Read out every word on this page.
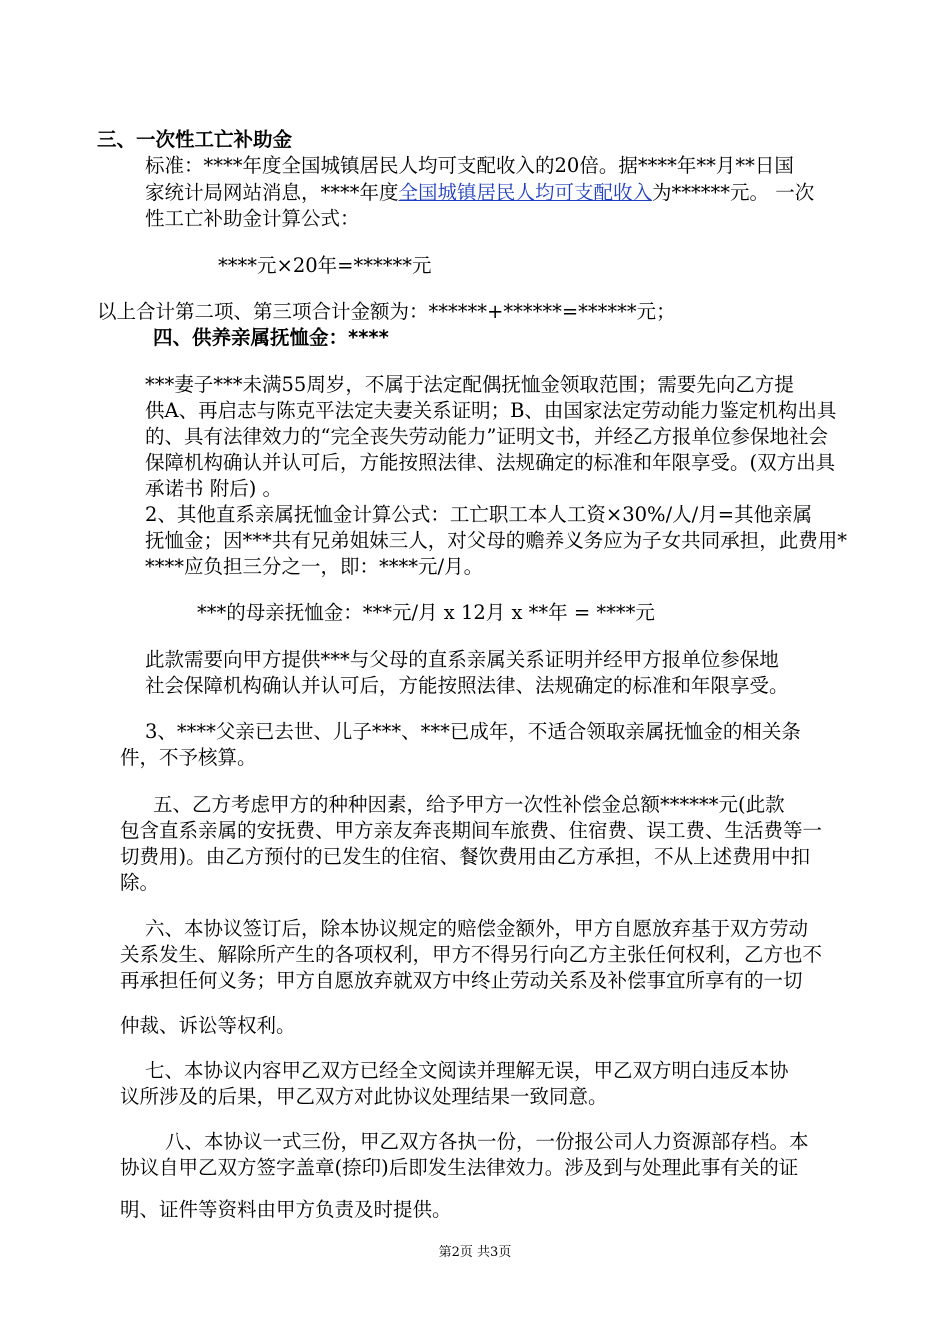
三、一次性工亡补助金
标准：****年度全国城镇居民人均可支配收入的20倍。据****年**月**日国
家统计局网站消息，****年度全国城镇居民人均可支配收入为******元。 一次
性工亡补助金计算公式：
****元×20年=******元
以上合计第二项、第三项合计金额为：******+******=******元；
四、供养亲属抚恤金：****
***妻子***未满55周岁，不属于法定配偶抚恤金领取范围；需要先向乙方提
供A、再启志与陈克平法定夫妻关系证明；B、由国家法定劳动能力鉴定机构出具
的、具有法律效力的“完全丧失劳动能力”证明文书，并经乙方报单位参保地社会
保障机构确认并认可后，方能按照法律、法规确定的标准和年限享受。(双方出具
承诺书 附后) 。
2、其他直系亲属抚恤金计算公式：工亡职工本人工资×30%/人/月=其他亲属
抚恤金；因***共有兄弟姐妹三人，对父母的赡养义务应为子女共同承担，此费用*
****应负担三分之一，即：****元/月。
***的母亲抚恤金：***元/月 x 12月 x **年 = ****元
此款需要向甲方提供***与父母的直系亲属关系证明并经甲方报单位参保地
社会保障机构确认并认可后，方能按照法律、法规确定的标准和年限享受。
3、****父亲已去世、儿子***、***已成年，不适合领取亲属抚恤金的相关条
件，不予核算。
五、乙方考虑甲方的种种因素，给予甲方一次性补偿金总额******元(此款
包含直系亲属的安抚费、甲方亲友奔丧期间车旅费、住宿费、误工费、生活费等一
切费用)。由乙方预付的已发生的住宿、餐饮费用由乙方承担，不从上述费用中扣
除。
六、本协议签订后，除本协议规定的赔偿金额外，甲方自愿放弃基于双方劳动
关系发生、解除所产生的各项权利，甲方不得另行向乙方主张任何权利，乙方也不
再承担任何义务；甲方自愿放弃就双方中终止劳动关系及补偿事宜所享有的一切
仲裁、诉讼等权利。
七、本协议内容甲乙双方已经全文阅读并理解无误，甲乙双方明白违反本协
议所涉及的后果，甲乙双方对此协议处理结果一致同意。
八、本协议一式三份，甲乙双方各执一份，一份报公司人力资源部存档。本
协议自甲乙双方签字盖章(捺印)后即发生法律效力。涉及到与处理此事有关的证
明、证件等资料由甲方负责及时提供。
第2页 共3页
